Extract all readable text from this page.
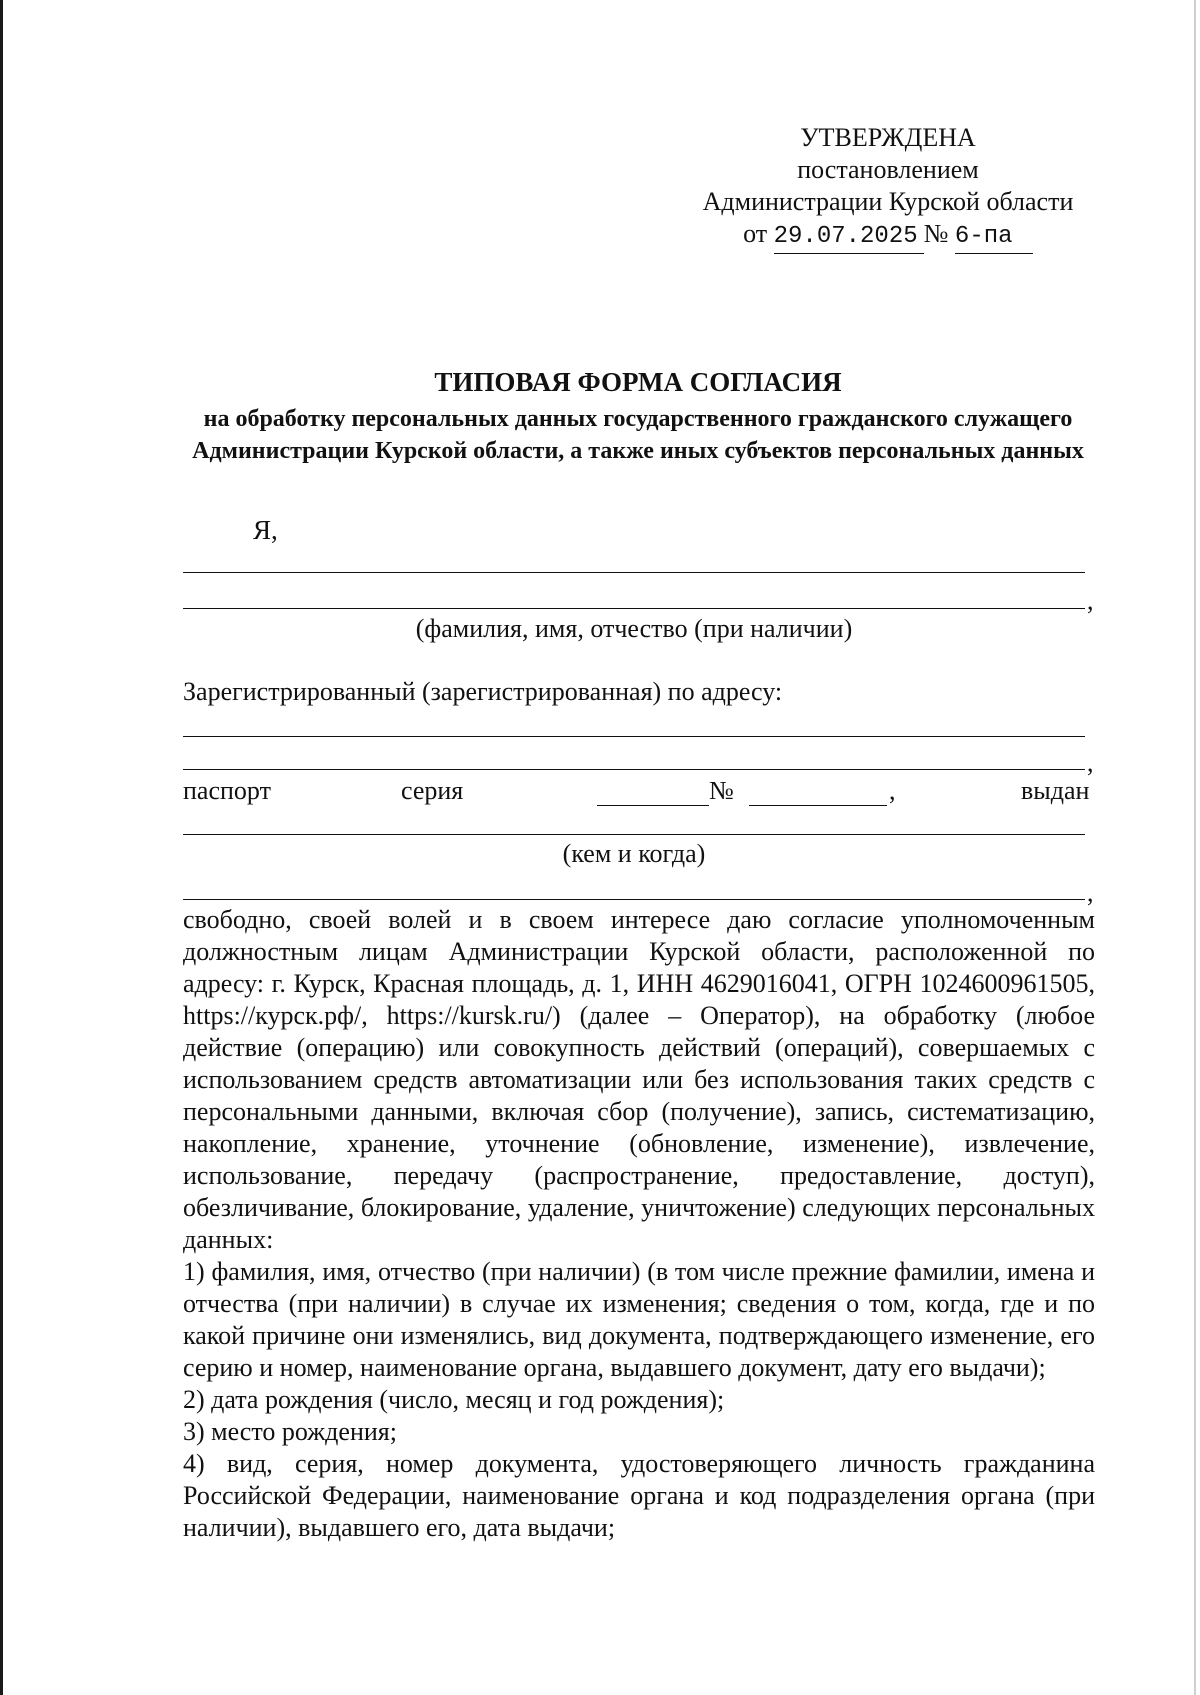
УТВЕРЖДЕНА
постановлением
Администрации Курской области
от 29.07.2025 № 6-па
ТИПОВАЯ ФОРМА СОГЛАСИЯ
на обработку персональных данных государственного гражданского служащего Администрации Курской области, а также иных субъектов персональных данных
Я,
,
(фамилия, имя, отчество (при наличии)
Зарегистрированный (зарегистрированная) по адресу:
,
паспорт	серия	№	,	выдан
(кем и когда)
,

свободно, своей волей и в своем интересе даю согласие уполномоченным должностным лицам Администрации Курской области, расположенной по адресу: г. Курск, Красная площадь, д. 1, ИНН 4629016041, ОГРН 1024600961505, https://курск.рф/, https://kursk.ru/) (далее – Оператор), на обработку (любое действие (операцию) или совокупность действий (операций), совершаемых с использованием средств автоматизации или без использования таких средств с персональными данными, включая сбор (получение), запись, систематизацию, накопление, хранение, уточнение (обновление, изменение), извлечение, использование, передачу (распространение, предоставление, доступ), обезличивание, блокирование, удаление, уничтожение) следующих персональных данных:

1) фамилия, имя, отчество (при наличии) (в том числе прежние фамилии, имена и отчества (при наличии) в случае их изменения; сведения о том, когда, где и по какой причине они изменялись, вид документа, подтверждающего изменение, его серию и номер, наименование органа, выдавшего документ, дату его выдачи);

2) дата рождения (число, месяц и год рождения);

3) место рождения;

4) вид, серия, номер документа, удостоверяющего личность гражданина Российской Федерации, наименование органа и код подразделения органа (при наличии), выдавшего его, дата выдачи;
